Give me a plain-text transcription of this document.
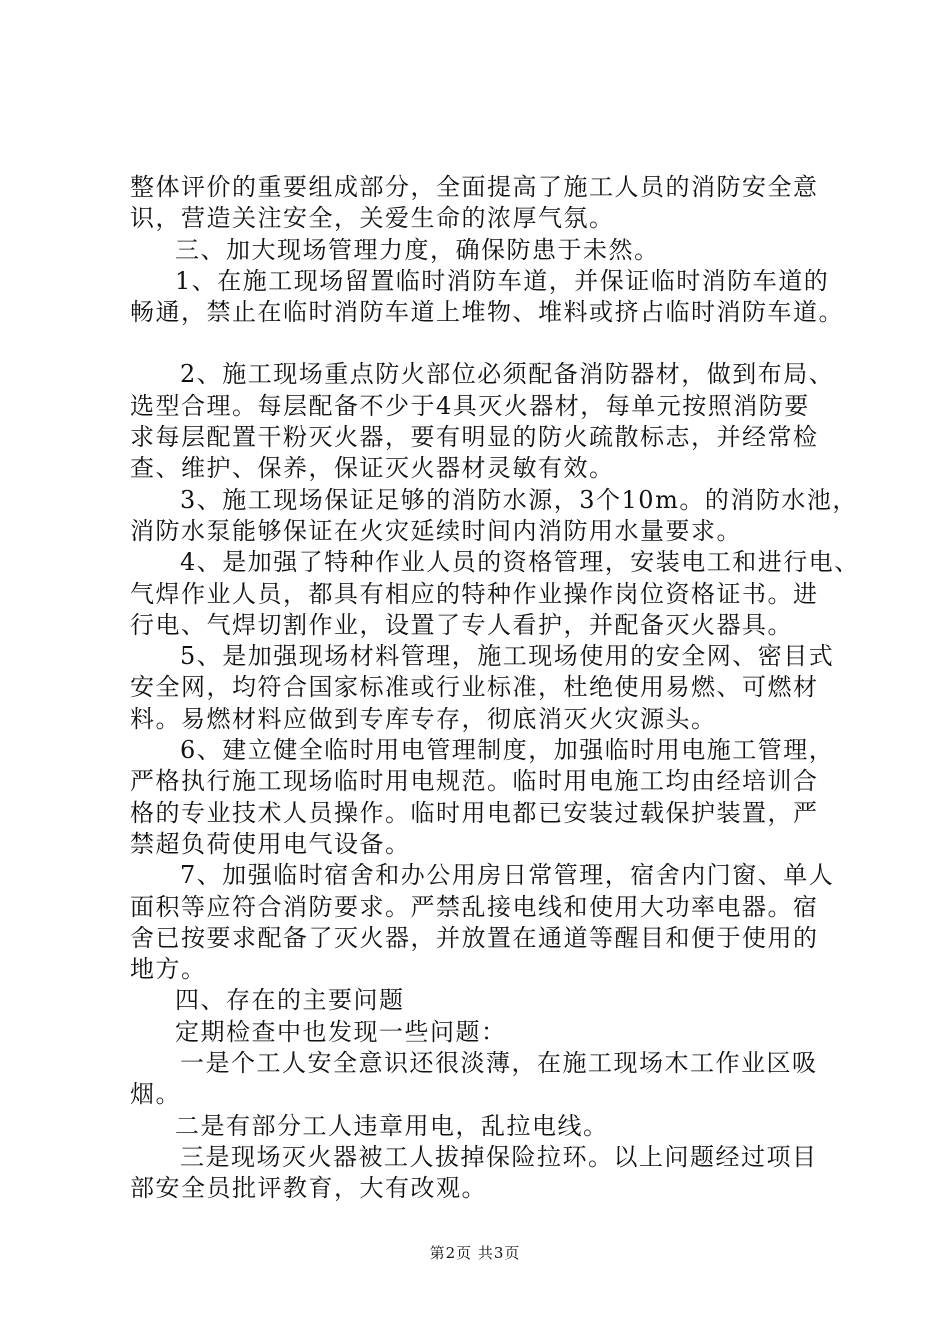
整体评价的重要组成部分，全面提高了施工人员的消防安全意
识，营造关注安全，关爱生命的浓厚气氛。
三、加大现场管理力度，确保防患于未然。
1、在施工现场留置临时消防车道，并保证临时消防车道的
畅通，禁止在临时消防车道上堆物、堆料或挤占临时消防车道。
2、施工现场重点防火部位必须配备消防器材，做到布局、
选型合理。每层配备不少于4具灭火器材，每单元按照消防要
求每层配置干粉灭火器，要有明显的防火疏散标志，并经常检
查、维护、保养，保证灭火器材灵敏有效。
3、施工现场保证足够的消防水源，3个10m。的消防水池，
消防水泵能够保证在火灾延续时间内消防用水量要求。
4、是加强了特种作业人员的资格管理，安装电工和进行电、
气焊作业人员，都具有相应的特种作业操作岗位资格证书。进
行电、气焊切割作业，设置了专人看护，并配备灭火器具。
5、是加强现场材料管理，施工现场使用的安全网、密目式
安全网，均符合国家标准或行业标准，杜绝使用易燃、可燃材
料。易燃材料应做到专库专存，彻底消灭火灾源头。
6、建立健全临时用电管理制度，加强临时用电施工管理，
严格执行施工现场临时用电规范。临时用电施工均由经培训合
格的专业技术人员操作。临时用电都已安装过载保护装置，严
禁超负荷使用电气设备。
7、加强临时宿舍和办公用房日常管理，宿舍内门窗、单人
面积等应符合消防要求。严禁乱接电线和使用大功率电器。宿
舍已按要求配备了灭火器，并放置在通道等醒目和便于使用的
地方。
四、存在的主要问题
定期检查中也发现一些问题：
一是个工人安全意识还很淡薄，在施工现场木工作业区吸
烟。
二是有部分工人违章用电，乱拉电线。
三是现场灭火器被工人拔掉保险拉环。以上问题经过项目
部安全员批评教育，大有改观。
第2页 共3页
